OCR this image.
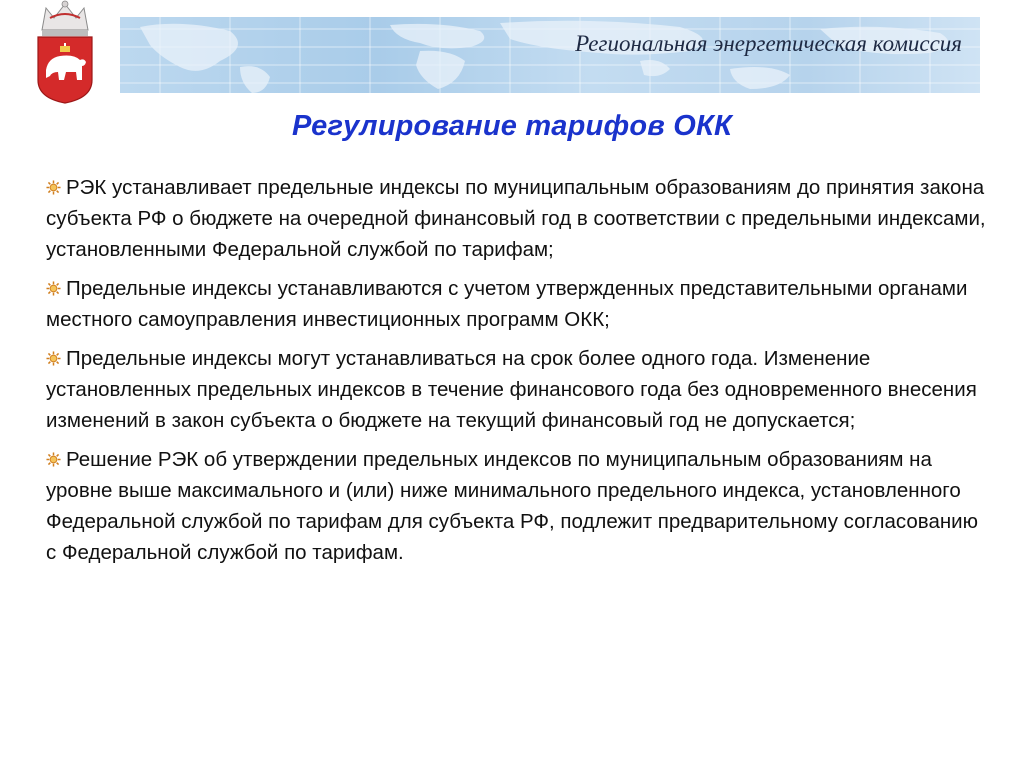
Региональная энергетическая комиссия
Регулирование тарифов ОКК
РЭК устанавливает предельные индексы по муниципальным образованиям до принятия закона субъекта РФ о бюджете на очередной финансовый год в соответствии с предельными индексами, установленными Федеральной службой по тарифам;
Предельные индексы устанавливаются с учетом утвержденных представительными органами местного самоуправления инвестиционных программ ОКК;
Предельные индексы могут устанавливаться на срок более одного года. Изменение установленных предельных индексов в течение финансового года без одновременного внесения изменений в закон субъекта о бюджете на текущий финансовый год не допускается;
Решение РЭК об утверждении предельных индексов по муниципальным образованиям на уровне выше максимального и (или) ниже минимального предельного индекса, установленного Федеральной службой по тарифам для субъекта РФ, подлежит предварительному согласованию с Федеральной службой по тарифам.
